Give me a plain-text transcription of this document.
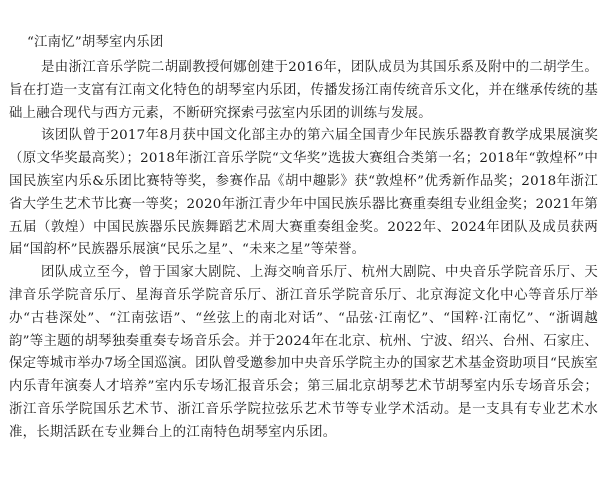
“江南忆”胡琴室内乐团

是由浙江音乐学院二胡副教授何娜创建于2016年，团队成员为其国乐系及附中的二胡学生。旨在打造一支富有江南文化特色的胡琴室内乐团，传播发扬江南传统音乐文化，并在继承传统的基础上融合现代与西方元素，不断研究探索弓弦室内乐团的训练与发展。

该团队曾于2017年8月获中国文化部主办的第六届全国青少年民族乐器教育教学成果展演奖（原文华奖最高奖）；2018年浙江音乐学院“文华奖”选拔大赛组合类第一名；2018年“敦煌杯”中国民族室内乐&乐团比赛特等奖，参赛作品《胡中趣影》获“敦煌杯”优秀新作品奖；2018年浙江省大学生艺术节比赛一等奖；2020年浙江青少年中国民族乐器比赛重奏组专业组金奖；2021年第五届（敦煌）中国民族器乐民族舞蹈艺术周大赛重奏组金奖。2022年、2024年团队及成员获两届“国韵杯”民族器乐展演“民乐之星”、“未来之星”等荣誉。

团队成立至今，曾于国家大剧院、上海交响音乐厅、杭州大剧院、中央音乐学院音乐厅、天津音乐学院音乐厅、星海音乐学院音乐厅、浙江音乐学院音乐厅、北京海淀文化中心等音乐厅举办“古巷深处”、“江南弦语”、“丝弦上的南北对话”、“品弦·江南忆”、“国粹·江南忆”、“浙调越韵”等主题的胡琴独奏重奏专场音乐会。并于2024年在北京、杭州、宁波、绍兴、台州、石家庄、保定等城市举办7场全国巡演。团队曾受邀参加中央音乐学院主办的国家艺术基金资助项目“民族室内乐青年演奏人才培养”室内乐专场汇报音乐会；第三届北京胡琴艺术节胡琴室内乐专场音乐会；浙江音乐学院国乐艺术节、浙江音乐学院拉弦乐艺术节等专业学术活动。是一支具有专业艺术水准，长期活跃在专业舞台上的江南特色胡琴室内乐团。
